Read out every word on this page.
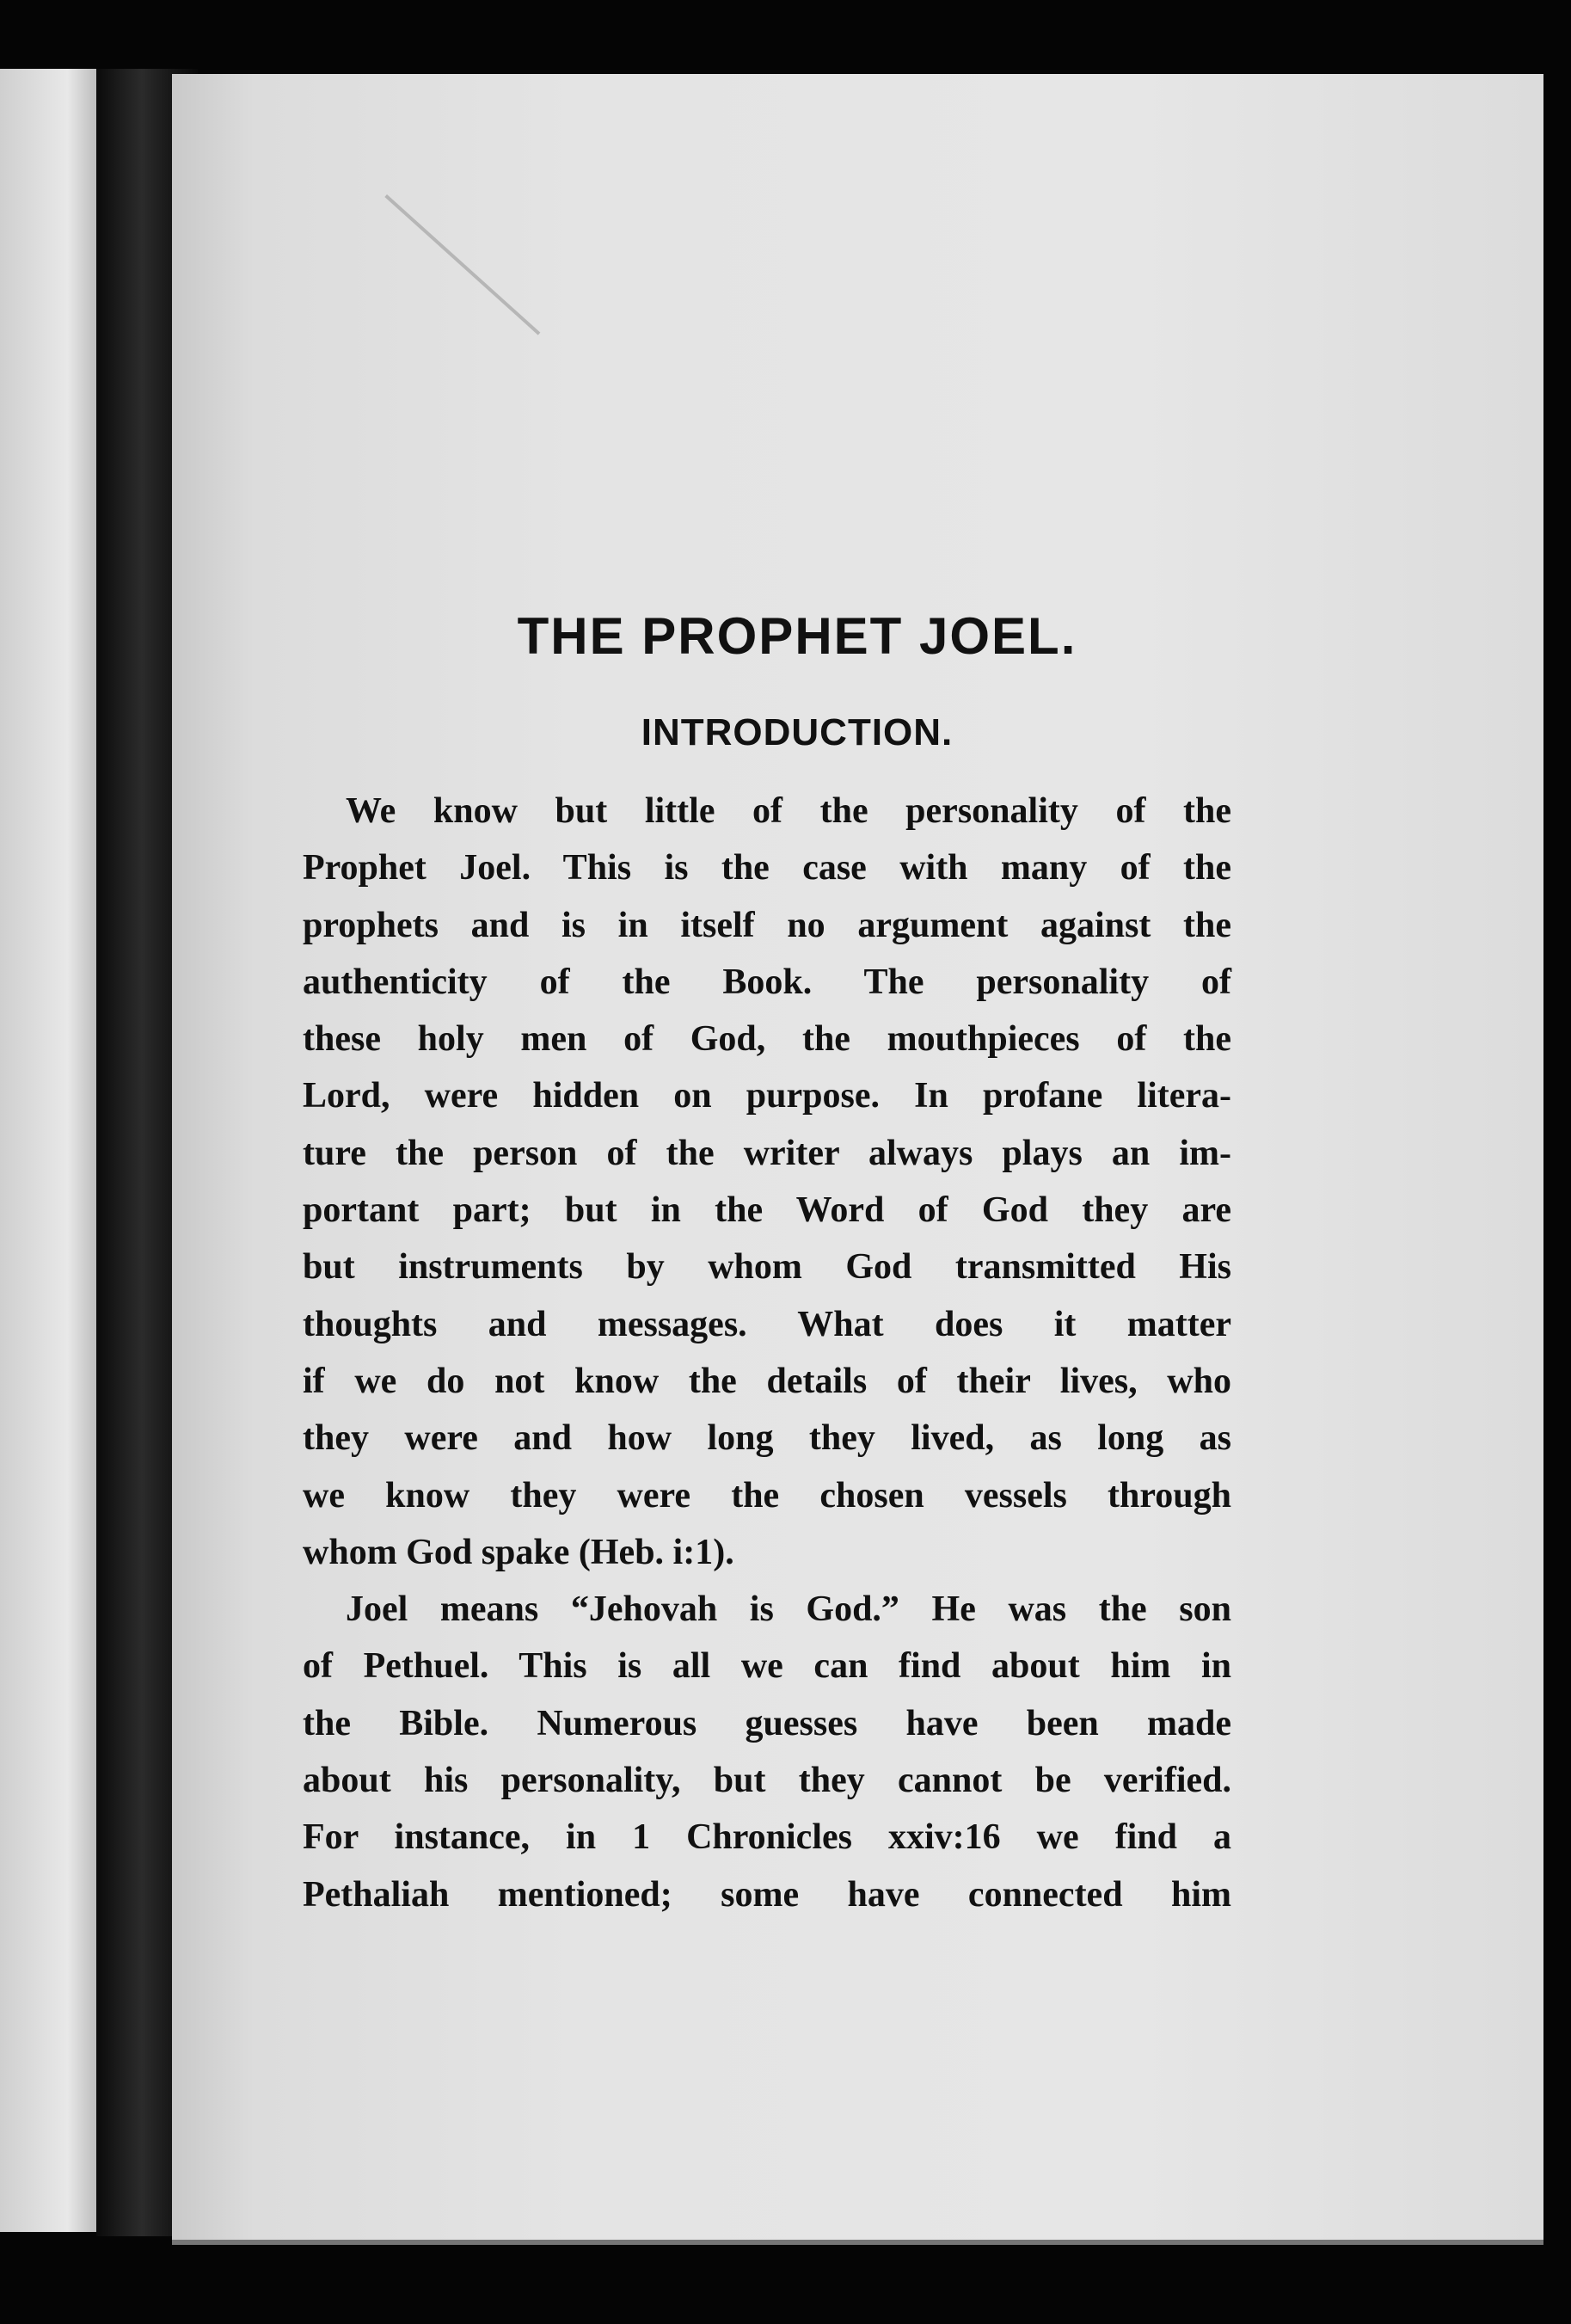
THE PROPHET JOEL.
INTRODUCTION.

We know but little of the personality of the
Prophet Joel. This is the case with many of the
prophets and is in itself no argument against the
authenticity of the Book. The personality of
these holy men of God, the mouthpieces of the
Lord, were hidden on purpose. In profane litera-
ture the person of the writer always plays an im-
portant part; but in the Word of God they are
but instruments by whom God transmitted His
thoughts and messages. What does it matter
if we do not know the details of their lives, who
they were and how long they lived, as long as
we know they were the chosen vessels through
whom God spake (Heb. i:1).

Joel means “Jehovah is God.” He was the son
of Pethuel. This is all we can find about him in
the Bible. Numerous guesses have been made
about his personality, but they cannot be verified.
For instance, in 1 Chronicles xxiv:16 we find a
Pethaliah mentioned; some have connected him
